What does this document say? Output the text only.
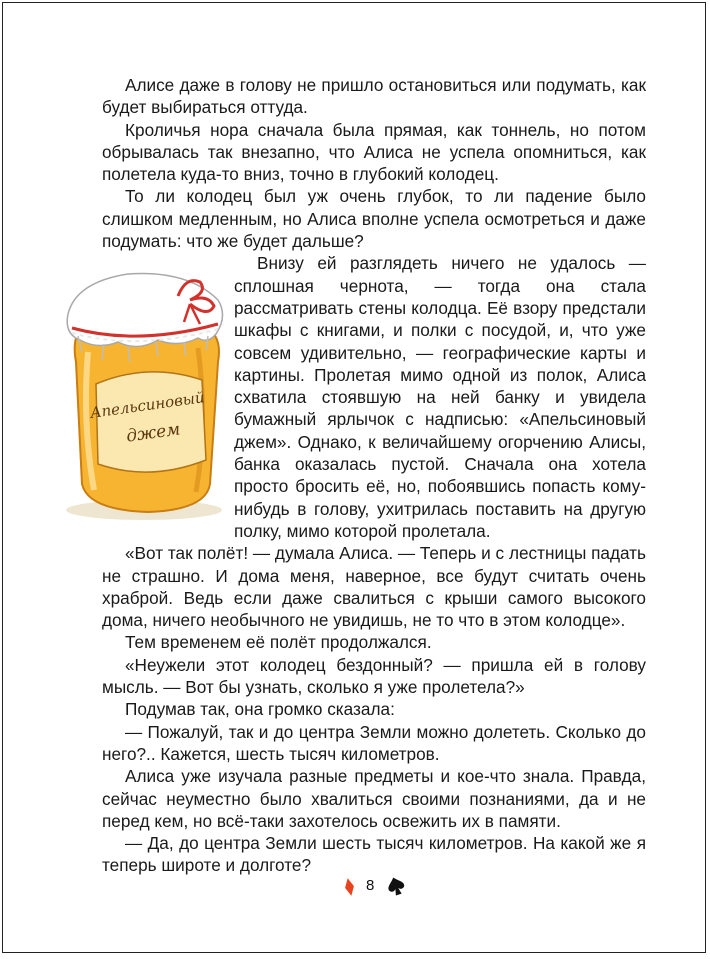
Алисе даже в голову не пришло остановиться или подумать, как будет выбираться оттуда.

Кроличья нора сначала была прямая, как тоннель, но потом обрывалась так внезапно, что Алиса не успела опомниться, как полетела куда-то вниз, точно в глубокий колодец.

То ли колодец был уж очень глубок, то ли падение было слишком медленным, но Алиса вполне успела осмотреться и даже подумать: что же будет дальше?

Апельсиновый
джем

Внизу ей разглядеть ничего не удалось — сплошная чернота, — тогда она стала рассматривать стены колодца. Её взору предстали шкафы с книгами, и полки с посудой, и, что уже совсем удивительно, — географические карты и картины. Пролетая мимо одной из полок, Алиса схватила стоявшую на ней банку и увидела бумажный ярлычок с надписью: «Апельсиновый джем». Однако, к величайшему огорчению Алисы, банка оказалась пустой. Сначала она хотела просто бросить её, но, побоявшись попасть кому-нибудь в голову, ухитрилась поставить на другую полку, мимо которой пролетала.

«Вот так полёт! — думала Алиса. — Теперь и с лестницы падать не страшно. И дома меня, наверное, все будут считать очень храброй. Ведь если даже свалиться с крыши самого высокого дома, ничего необычного не увидишь, не то что в этом колодце».

Тем временем её полёт продолжался.

«Неужели этот колодец бездонный? — пришла ей в голову мысль. — Вот бы узнать, сколько я уже пролетела?»

Подумав так, она громко сказала:

— Пожалуй, так и до центра Земли можно долететь. Сколько до него?.. Кажется, шесть тысяч километров.

Алиса уже изучала разные предметы и кое-что знала. Правда, сейчас неуместно было хвалиться своими познаниями, да и не перед кем, но всё-таки захотелось освежить их в памяти.

— Да, до центра Земли шесть тысяч километров. На какой же я теперь широте и долготе?

8
